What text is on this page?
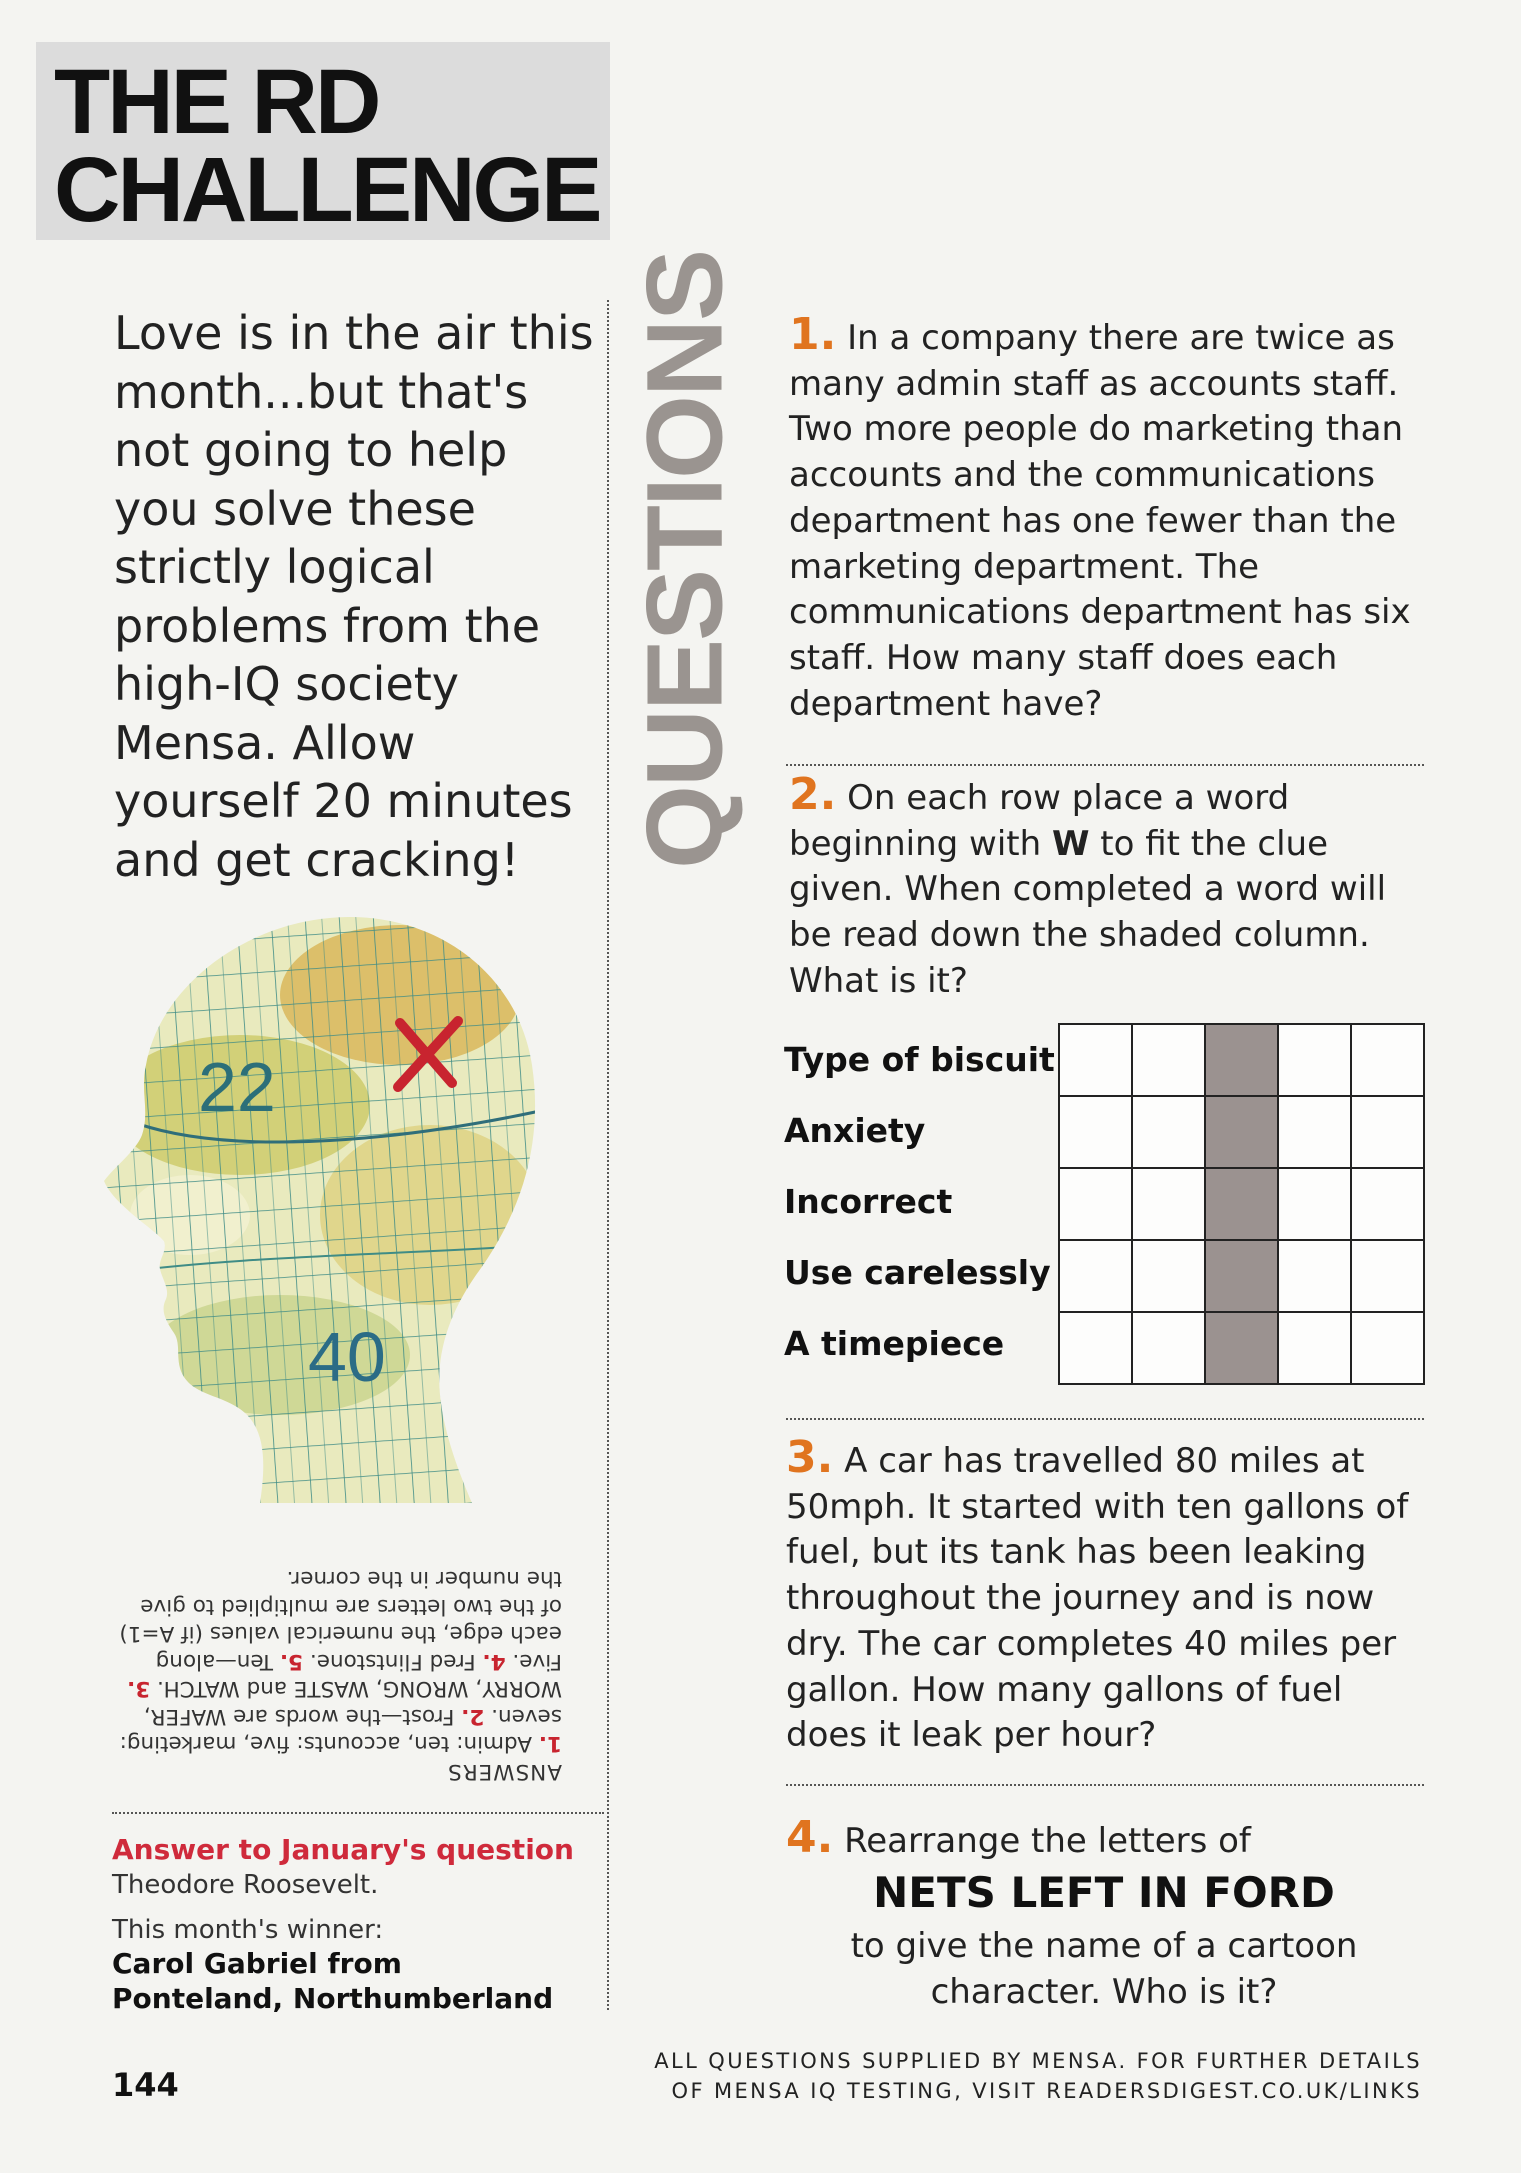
THE RD
CHALLENGE

Love is in the air this month...but that's not going to help you solve these strictly logical problems from the high-IQ society Mensa. Allow yourself 20 minutes and get cracking!

22
40
ANSWERS
1. Admin: ten, accounts: five, marketing: seven. 2. Frost—the words are WAFER, WORRY, WRONG, WASTE and WATCH. 3. Five. 4. Fred Flintstone. 5. Ten—along each edge, the numerical values (if A=1) of the two letters are multiplied to give the number in the corner.

Answer to January's question

Theodore Roosevelt.

This month's winner:

Carol Gabriel from

Ponteland, Northumberland

QUESTIONS 1. In a company there are twice as many admin staff as accounts staff. Two more people do marketing than accounts and the communications department has one fewer than the marketing department. The communications department has six staff. How many staff does each department have?
2. On each row place a word beginning with W to fit the clue given. When completed a word will be read down the shaded column. What is it?
Type of biscuit
Anxiety
Incorrect
Use carelessly
A timepiece

3. A car has travelled 80 miles at 50mph. It started with ten gallons of fuel, but its tank has been leaking throughout the journey and is now dry. The car completes 40 miles per gallon. How many gallons of fuel does it leak per hour?
4. Rearrange the letters of
NETS LEFT IN FORD
to give the name of a cartoon character. Who is it?
144
ALL QUESTIONS SUPPLIED BY MENSA. FOR FURTHER DETAILS
OF MENSA IQ TESTING, VISIT READERSDIGEST.CO.UK/LINKS
